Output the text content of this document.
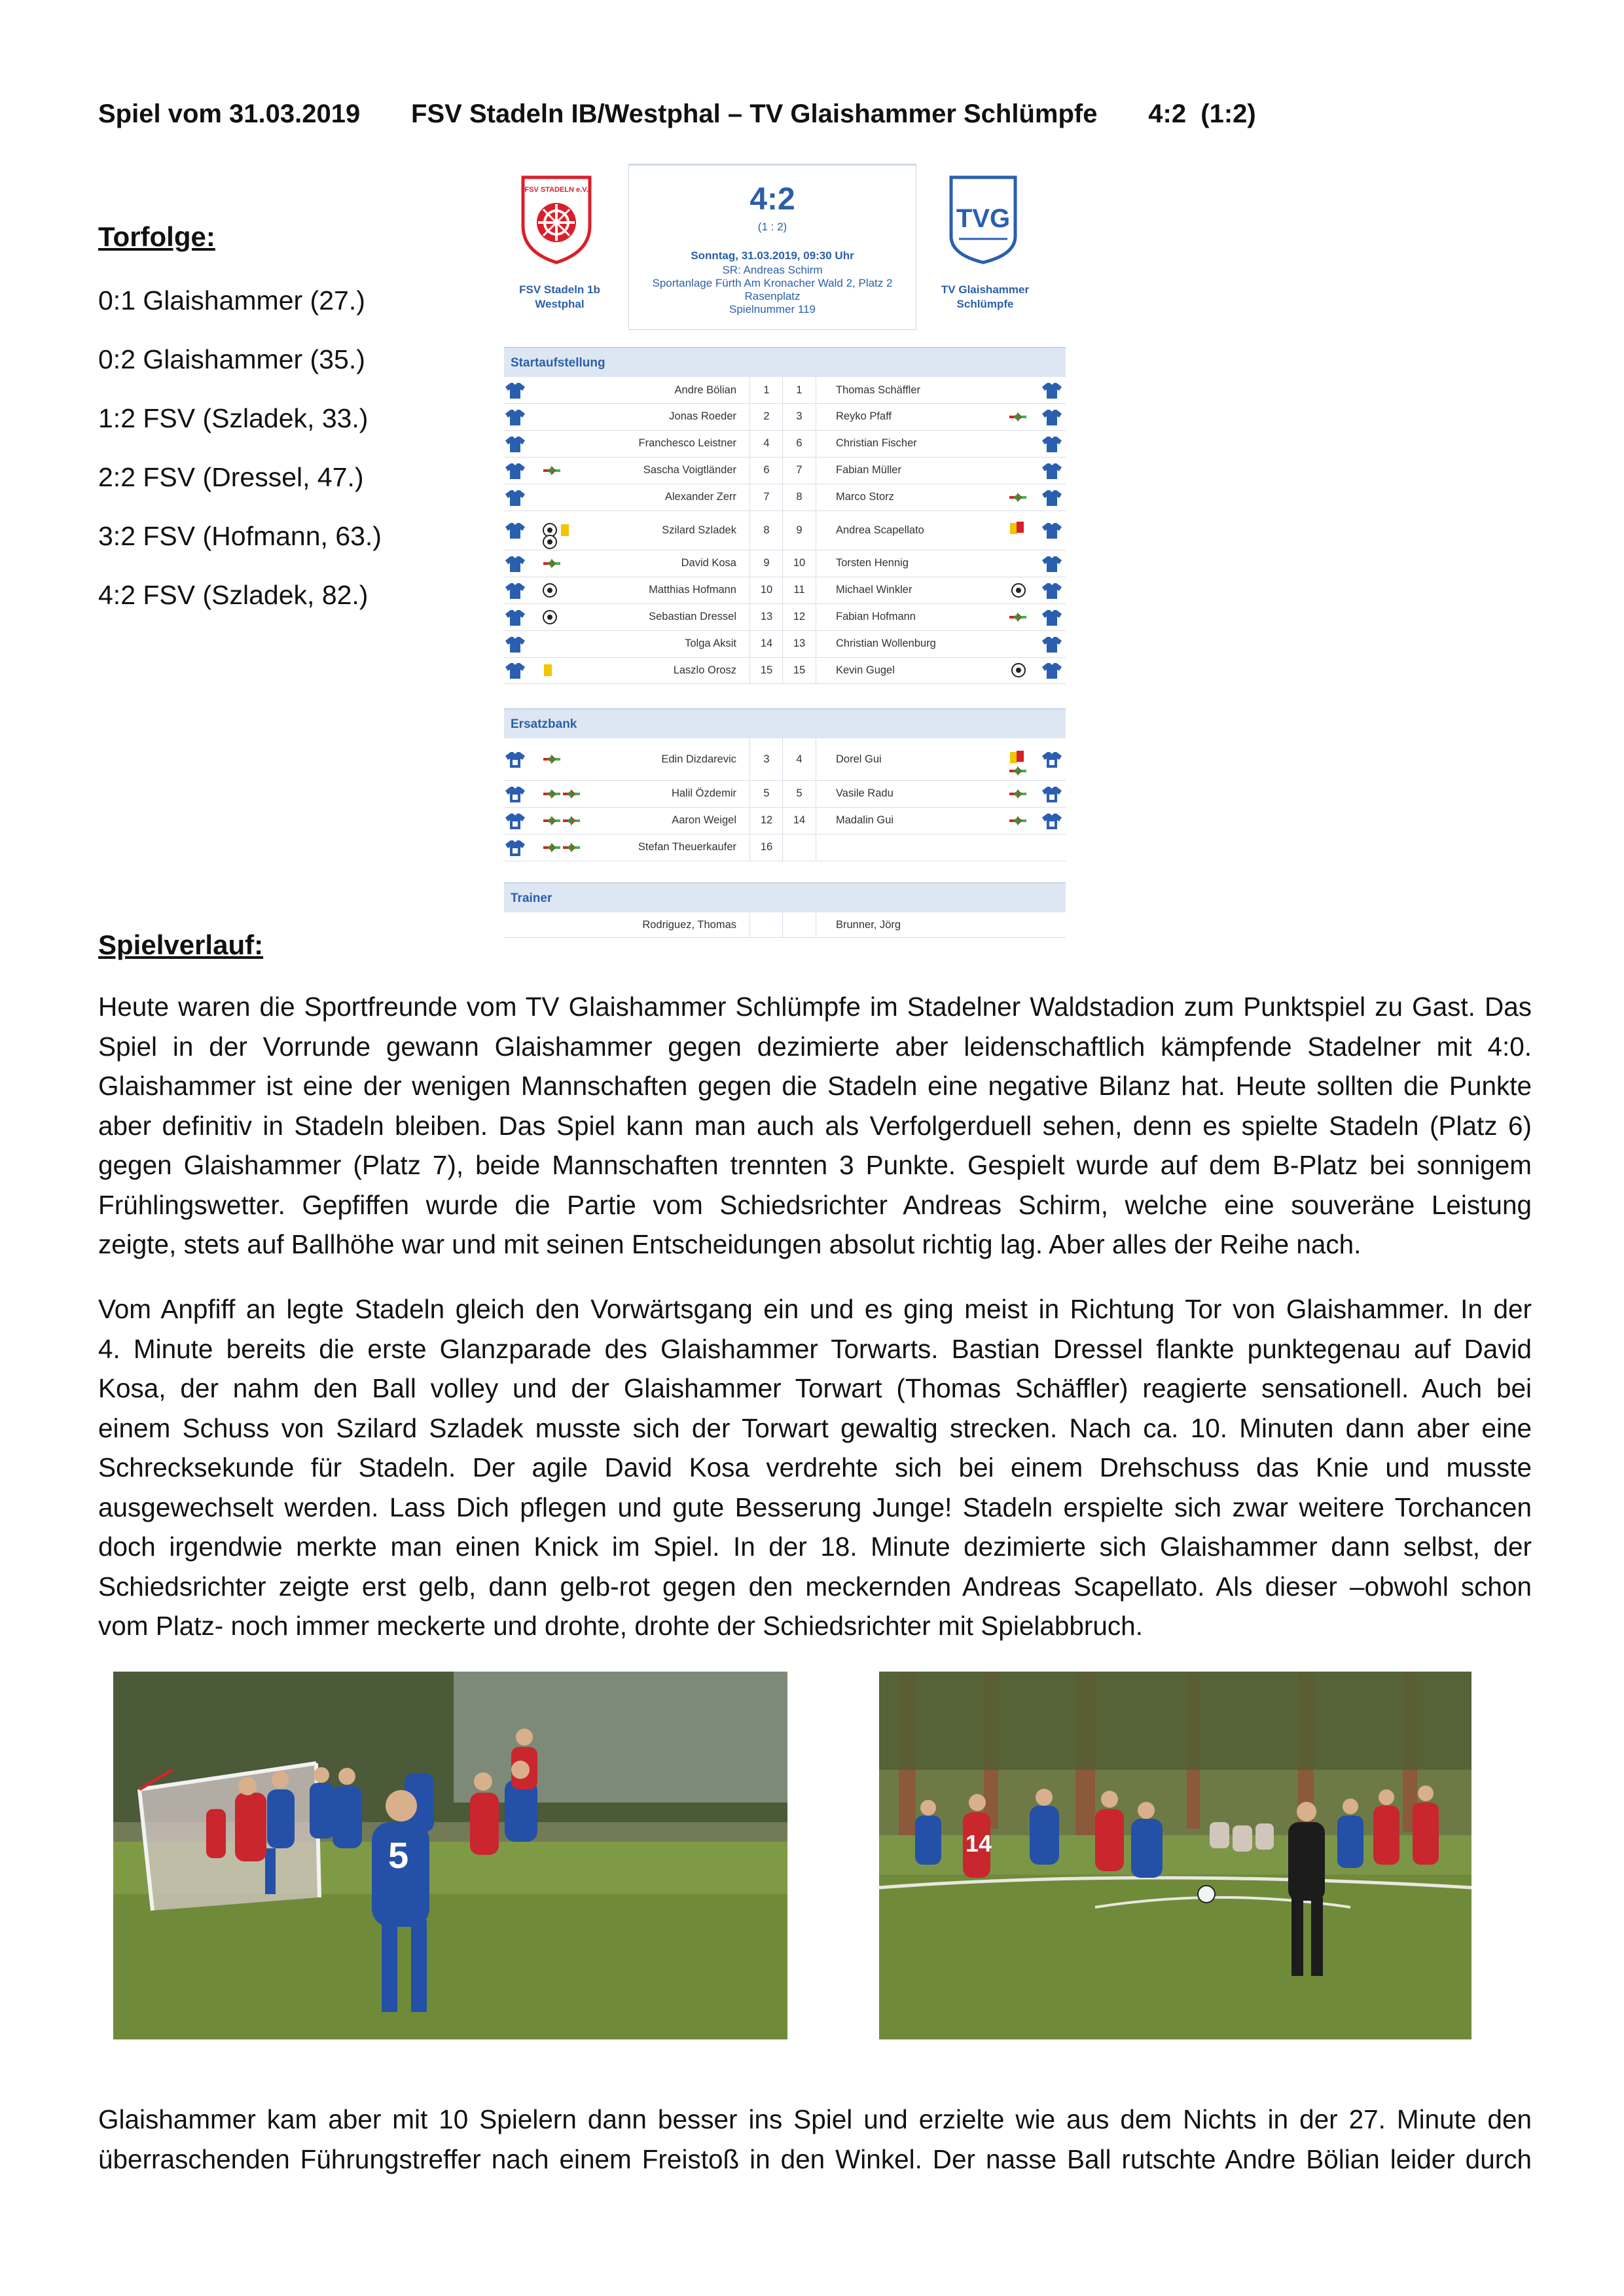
Spiel vom 31.03.2019       FSV Stadeln IB/Westphal – TV Glaishammer Schlümpfe       4:2  (1:2)
Torfolge:
0:1 Glaishammer (27.)
0:2 Glaishammer (35.)
1:2 FSV (Szladek, 33.)
2:2 FSV (Dressel, 47.)
3:2 FSV (Hofmann, 63.)
4:2 FSV (Szladek, 82.)
FSV STADELN e.V.
FSV Stadeln 1b
Westphal
4:2
(1 : 2)
Sonntag, 31.03.2019, 09:30 Uhr
SR: Andreas Schirm
Sportanlage Fürth Am Kronacher Wald 2, Platz 2
Rasenplatz
Spielnummer 119
TVG
TV Glaishammer
Schlümpfe
Startaufstellung
Andre Bölian	1	1	Thomas Schäffler
Jonas Roeder	2	3	Reyko Pfaff
Franchesco Leistner	4	6	Christian Fischer
Sascha Voigtländer	6	7	Fabian Müller
Alexander Zerr	7	8	Marco Storz
Szilard Szladek	8	9	Andrea Scapellato
David Kosa	9	10	Torsten Hennig
Matthias Hofmann	10	11	Michael Winkler
Sebastian Dressel	13	12	Fabian Hofmann
Tolga Aksit	14	13	Christian Wollenburg
Laszlo Orosz	15	15	Kevin Gugel
Ersatzbank
Edin Dizdarevic	3	4	Dorel Gui
Halil Özdemir	5	5	Vasile Radu
Aaron Weigel	12	14	Madalin Gui
Stefan Theuerkaufer	16
Trainer
Rodriguez, Thomas	Brunner, Jörg
Spielverlauf:
Heute waren die Sportfreunde vom TV Glaishammer Schlümpfe im Stadelner Waldstadion zum Punktspiel zu Gast. Das
Spiel in der Vorrunde gewann Glaishammer gegen dezimierte aber leidenschaftlich kämpfende Stadelner mit 4:0.
Glaishammer ist eine der wenigen Mannschaften gegen die Stadeln eine negative Bilanz hat. Heute sollten die Punkte
aber definitiv in Stadeln bleiben. Das Spiel kann man auch als Verfolgerduell sehen, denn es spielte Stadeln (Platz 6)
gegen Glaishammer (Platz 7), beide Mannschaften trennten 3 Punkte. Gespielt wurde auf dem B-Platz bei sonnigem
Frühlingswetter. Gepfiffen wurde die Partie vom Schiedsrichter Andreas Schirm, welche eine souveräne Leistung
zeigte, stets auf Ballhöhe war und mit seinen Entscheidungen absolut richtig lag. Aber alles der Reihe nach.
Vom Anpfiff an legte Stadeln gleich den Vorwärtsgang ein und es ging meist in Richtung Tor von Glaishammer. In der
4. Minute bereits die erste Glanzparade des Glaishammer Torwarts. Bastian Dressel flankte punktegenau auf David
Kosa, der nahm den Ball volley und der Glaishammer Torwart (Thomas Schäffler) reagierte sensationell. Auch bei
einem Schuss von Szilard Szladek musste sich der Torwart gewaltig strecken. Nach ca. 10. Minuten dann aber eine
Schrecksekunde für Stadeln. Der agile David Kosa verdrehte sich bei einem Drehschuss das Knie und musste
ausgewechselt werden. Lass Dich pflegen und gute Besserung Junge! Stadeln erspielte sich zwar weitere Torchancen
doch irgendwie merkte man einen Knick im Spiel. In der 18. Minute dezimierte sich Glaishammer dann selbst, der
Schiedsrichter zeigte erst gelb, dann gelb-rot gegen den meckernden Andreas Scapellato. Als dieser –obwohl schon
vom Platz- noch immer meckerte und drohte, drohte der Schiedsrichter mit Spielabbruch.
5	14
Glaishammer kam aber mit 10 Spielern dann besser ins Spiel und erzielte wie aus dem Nichts in der 27. Minute den
überraschenden Führungstreffer nach einem Freistoß in den Winkel. Der nasse Ball rutschte Andre Bölian leider durch
